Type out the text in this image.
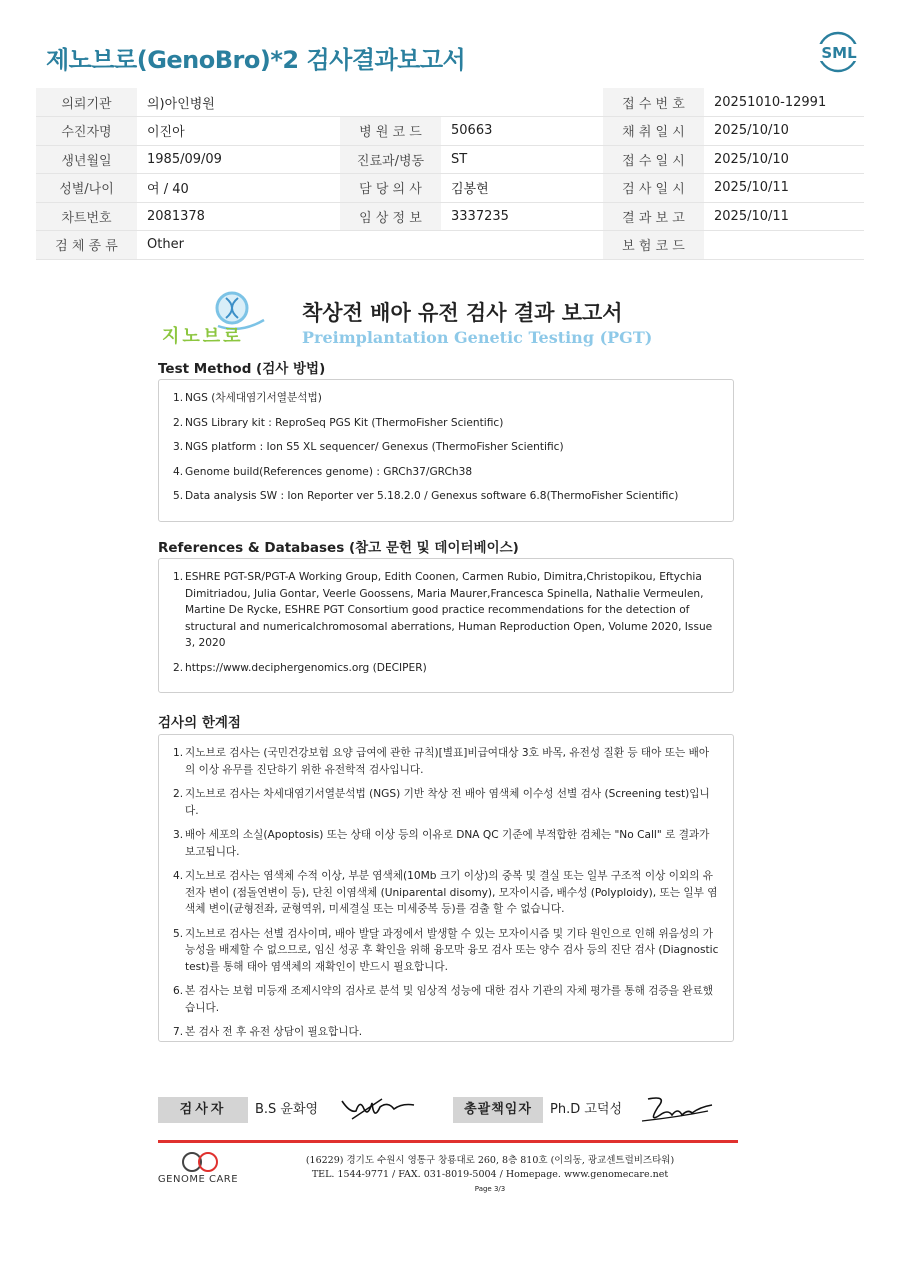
제노브로(GenoBro)*2 검사결과보고서	SML
의뢰기관	의)아인병원			접 수 번 호	20251010-12991
수진자명	이진아	병 원 코 드	50663	채 취 일 시	2025/10/10
생년월일	1985/09/09	진료과/병동	ST	접 수 일 시	2025/10/10
성별/나이	여 / 40	담 당 의 사	김봉현	검 사 일 시	2025/10/11
차트번호	2081378	임 상 정 보	3337235	결 과 보 고	2025/10/11
검 체 종 류	Other			보 험 코 드	
지노브로
착상전 배아 유전 검사 결과 보고서
Preimplantation Genetic Testing (PGT)
Test Method (검사 방법)
1. NGS (차세대염기서열분석법)
2. NGS Library kit : ReproSeq PGS Kit (ThermoFisher Scientific)
3. NGS platform : Ion S5 XL sequencer/ Genexus (ThermoFisher Scientific)
4. Genome build(References genome) : GRCh37/GRCh38
5. Data analysis SW : Ion Reporter ver 5.18.2.0 / Genexus software 6.8(ThermoFisher Scientific)
References & Databases (참고 문헌 및 데이터베이스)
1. ESHRE PGT-SR/PGT-A Working Group, Edith Coonen, Carmen Rubio, Dimitra,Christopikou, Eftychia Dimitriadou, Julia Gontar, Veerle Goossens, Maria Maurer,Francesca Spinella, Nathalie Vermeulen, Martine De Rycke, ESHRE PGT Consortium good practice recommendations for the detection of structural and numericalchromosomal aberrations, Human Reproduction Open, Volume 2020, Issue 3, 2020
2. https://www.deciphergenomics.org (DECIPER)
검사의 한계점
1. 지노브로 검사는 (국민건강보험 요양 급여에 관한 규칙)[별표]비급여대상 3호 바목, 유전성 질환 등 태아 또는 배아의 이상 유무를 진단하기 위한 유전학적 검사입니다.
2. 지노브로 검사는 차세대염기서열분석법 (NGS) 기반 착상 전 배아 염색체 이수성 선별 검사 (Screening test)입니다.
3. 배아 세포의 소실(Apoptosis) 또는 상태 이상 등의 이유로 DNA QC 기준에 부적합한 검체는 "No Call" 로 결과가 보고됩니다.
4. 지노브로 검사는 염색체 수적 이상, 부분 염색체(10Mb 크기 이상)의 중복 및 결실 또는 일부 구조적 이상 이외의 유전자 변이 (점돌연변이 등), 단친 이염색체 (Uniparental disomy), 모자이시즘, 배수성 (Polyploidy), 또는 일부 염색체 변이(균형전좌, 균형역위, 미세결실 또는 미세중복 등)를 검출 할 수 없습니다.
5. 지노브로 검사는 선별 검사이며, 배아 발달 과정에서 발생할 수 있는 모자이시즘 및 기타 원인으로 인해 위음성의 가능성을 배제할 수 없으므로, 임신 성공 후 확인을 위해 융모막 융모 검사 또는 양수 검사 등의 진단 검사 (Diagnostic test)를 통해 태아 염색체의 재확인이 반드시 필요합니다.
6. 본 검사는 보험 미등재 조제시약의 검사로 분석 및 임상적 성능에 대한 검사 기관의 자체 평가를 통해 검증을 완료했습니다.
7. 본 검사 전 후 유전 상담이 필요합니다.
검사자	B.S 윤화영	총괄책임자	Ph.D 고덕성
GENOME CARE
(16229) 경기도 수원시 영통구 창룡대로 260, 8층 810호 (이의동, 광교센트럴비즈타워)
TEL. 1544-9771 / FAX. 031-8019-5004 / Homepage. www.genomecare.net
Page 3/3
